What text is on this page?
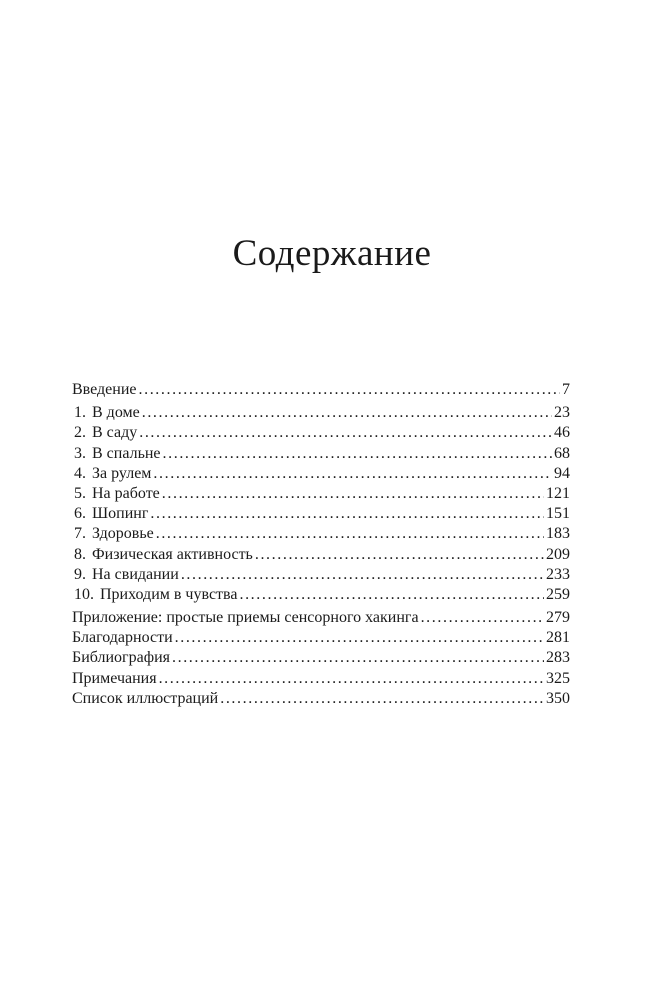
Содержание
Введение .....	7
1. В доме .....	23
2. В саду .....	46
3. В спальне .....	68
4. За рулем .....	94
5. На работе .....	121
6. Шопинг .....	151
7. Здоровье .....	183
8. Физическая активность .....	209
9. На свидании .....	233
10. Приходим в чувства .....	259
Приложение: простые приемы сенсорного хакинга .....	279
Благодарности .....	281
Библиография .....	283
Примечания .....	325
Список иллюстраций .....	350
